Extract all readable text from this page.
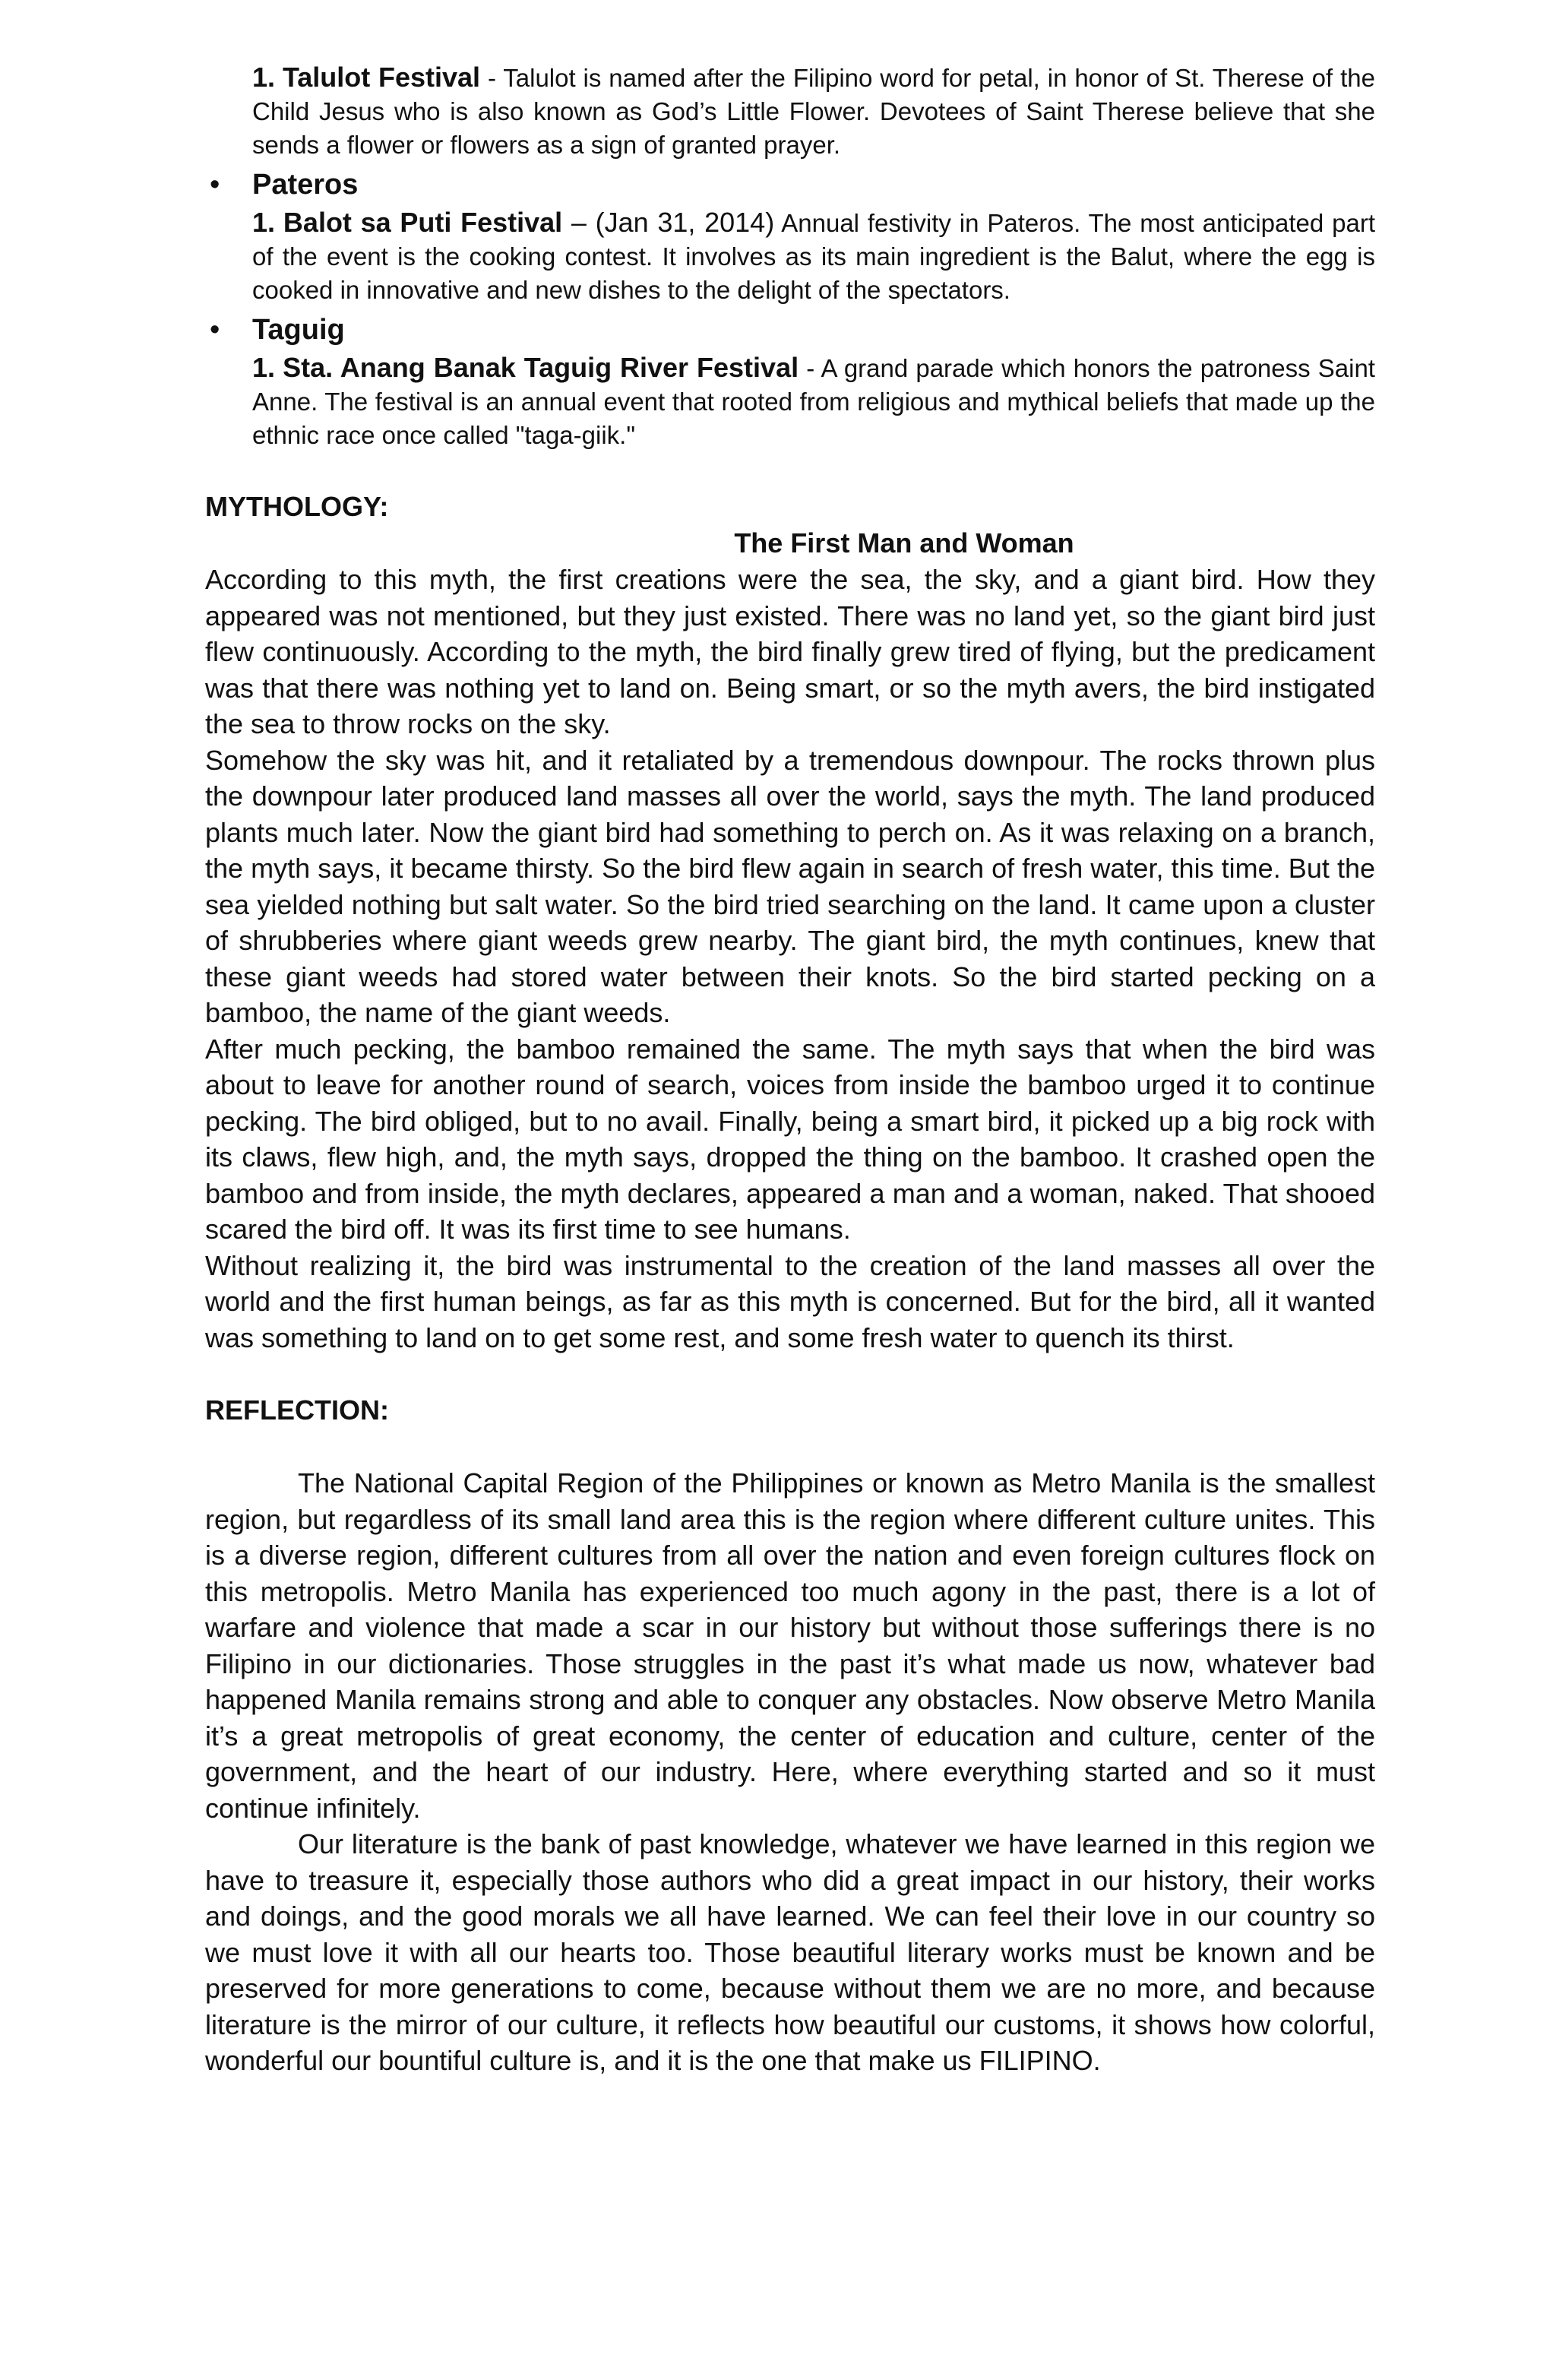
1. Talulot Festival - Talulot is named after the Filipino word for petal, in honor of St. Therese of the Child Jesus who is also known as God’s Little Flower. Devotees of Saint Therese believe that she sends a flower or flowers as a sign of granted prayer.

• Pateros

1. Balot sa Puti Festival – (Jan 31, 2014) Annual festivity in Pateros. The most anticipated part of the event is the cooking contest. It involves as its main ingredient is the Balut, where the egg is cooked in innovative and new dishes to the delight of the spectators.

• Taguig

1. Sta. Anang Banak Taguig River Festival - A grand parade which honors the patroness Saint Anne. The festival is an annual event that rooted from religious and mythical beliefs that made up the ethnic race once called "taga-giik."

MYTHOLOGY:
The First Man and Woman

According to this myth, the first creations were the sea, the sky, and a giant bird. How they appeared was not mentioned, but they just existed. There was no land yet, so the giant bird just flew continuously. According to the myth, the bird finally grew tired of flying, but the predicament was that there was nothing yet to land on. Being smart, or so the myth avers, the bird instigated the sea to throw rocks on the sky.

Somehow the sky was hit, and it retaliated by a tremendous downpour. The rocks thrown plus the downpour later produced land masses all over the world, says the myth. The land produced plants much later. Now the giant bird had something to perch on. As it was relaxing on a branch, the myth says, it became thirsty. So the bird flew again in search of fresh water, this time. But the sea yielded nothing but salt water. So the bird tried searching on the land. It came upon a cluster of shrubberies where giant weeds grew nearby. The giant bird, the myth continues, knew that these giant weeds had stored water between their knots. So the bird started pecking on a bamboo, the name of the giant weeds.

After much pecking, the bamboo remained the same. The myth says that when the bird was about to leave for another round of search, voices from inside the bamboo urged it to continue pecking. The bird obliged, but to no avail. Finally, being a smart bird, it picked up a big rock with its claws, flew high, and, the myth says, dropped the thing on the bamboo. It crashed open the bamboo and from inside, the myth declares, appeared a man and a woman, naked. That shooed scared the bird off. It was its first time to see humans.

Without realizing it, the bird was instrumental to the creation of the land masses all over the world and the first human beings, as far as this myth is concerned. But for the bird, all it wanted was something to land on to get some rest, and some fresh water to quench its thirst.

REFLECTION:

The National Capital Region of the Philippines or known as Metro Manila is the smallest region, but regardless of its small land area this is the region where different culture unites. This is a diverse region, different cultures from all over the nation and even foreign cultures flock on this metropolis. Metro Manila has experienced too much agony in the past, there is a lot of warfare and violence that made a scar in our history but without those sufferings there is no Filipino in our dictionaries. Those struggles in the past it’s what made us now, whatever bad happened Manila remains strong and able to conquer any obstacles. Now observe Metro Manila it’s a great metropolis of great economy, the center of education and culture, center of the government, and the heart of our industry. Here, where everything started and so it must continue infinitely.

Our literature is the bank of past knowledge, whatever we have learned in this region we have to treasure it, especially those authors who did a great impact in our history, their works and doings, and the good morals we all have learned. We can feel their love in our country so we must love it with all our hearts too. Those beautiful literary works must be known and be preserved for more generations to come, because without them we are no more, and because literature is the mirror of our culture, it reflects how beautiful our customs, it shows how colorful, wonderful our bountiful culture is, and it is the one that make us FILIPINO.
